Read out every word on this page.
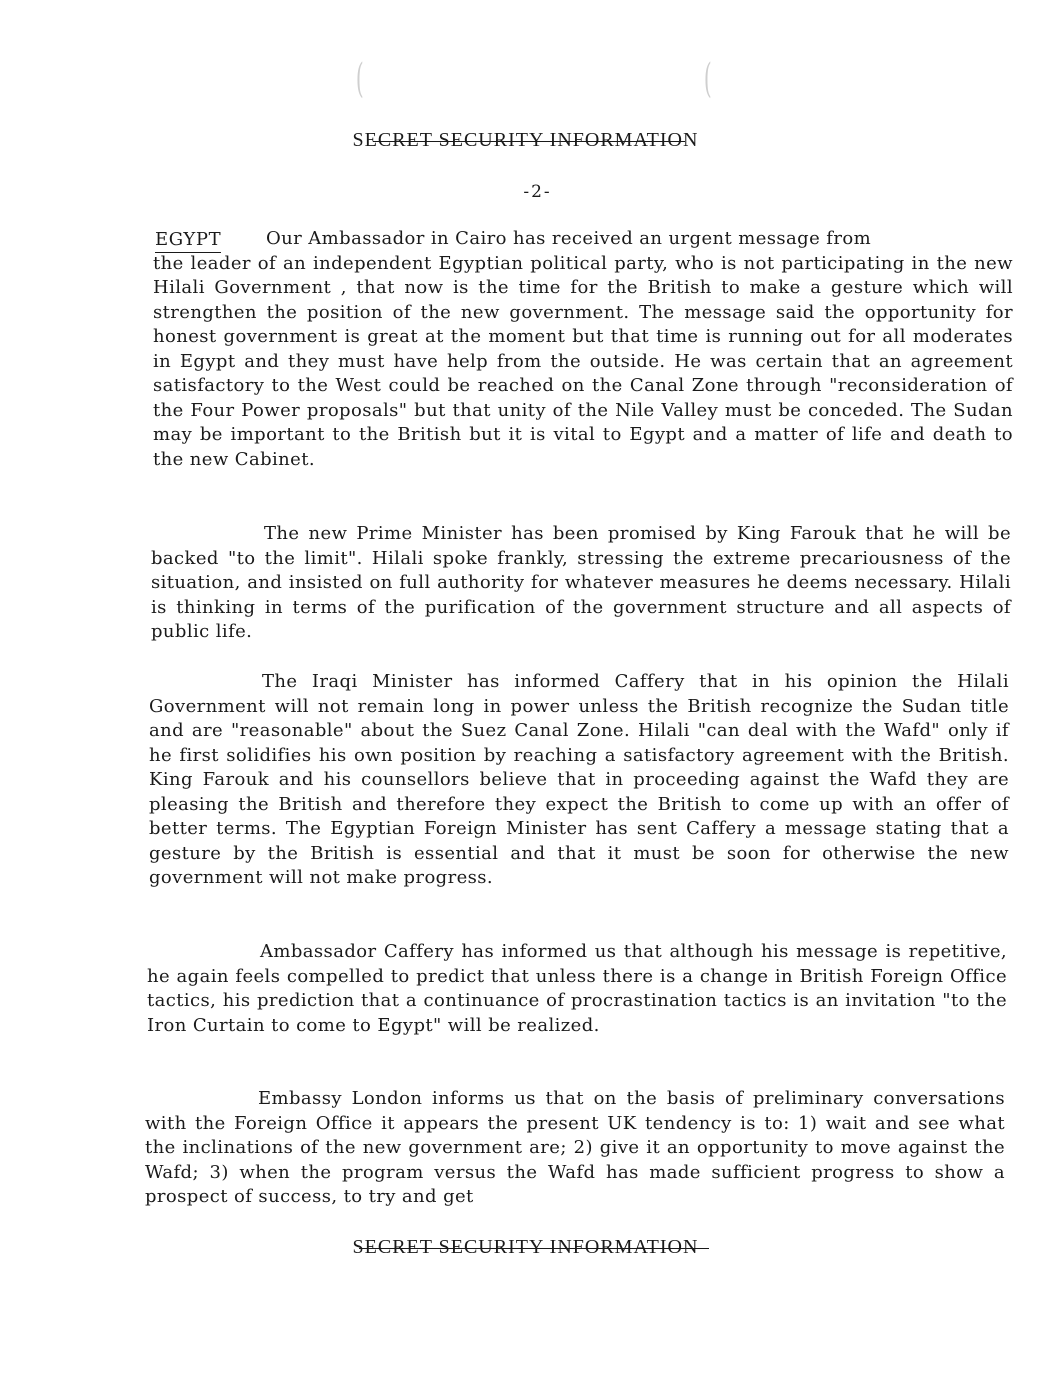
(	(
SECRET SECURITY INFORMATION
-2-
EGYPT	Our Ambassador in Cairo has received an urgent message from
the leader of an independent Egyptian political party, who is not participating in the new Hilali Government , that now is the time for the British to make a gesture which will strengthen the position of the new government. The message said the opportunity for honest government is great at the moment but that time is running out for all moderates in Egypt and they must have help from the outside. He was certain that an agreement satisfactory to the West could be reached on the Canal Zone through "reconsideration of the Four Power proposals" but that unity of the Nile Valley must be conceded. The Sudan may be important to the British but it is vital to Egypt and a matter of life and death to the new Cabinet.

The new Prime Minister has been promised by King Farouk that he will be backed "to the limit". Hilali spoke frankly, stressing the extreme precariousness of the situation, and insisted on full authority for whatever measures he deems necessary. Hilali is thinking in terms of the purification of the government structure and all aspects of public life.

The Iraqi Minister has informed Caffery that in his opinion the Hilali Government will not remain long in power unless the British recognize the Sudan title and are "reasonable" about the Suez Canal Zone. Hilali "can deal with the Wafd" only if he first solidifies his own position by reaching a satisfactory agreement with the British. King Farouk and his counsellors believe that in proceeding against the Wafd they are pleasing the British and therefore they expect the British to come up with an offer of better terms. The Egyptian Foreign Minister has sent Caffery a message stating that a gesture by the British is essential and that it must be soon for otherwise the new government will not make progress.

Ambassador Caffery has informed us that although his message is repetitive, he again feels compelled to predict that unless there is a change in British Foreign Office tactics, his prediction that a continuance of procrastination tactics is an invitation "to the Iron Curtain to come to Egypt" will be realized.

Embassy London informs us that on the basis of preliminary conversations with the Foreign Office it appears the present UK tendency is to: 1) wait and see what the inclinations of the new government are; 2) give it an opportunity to move against the Wafd; 3) when the program versus the Wafd has made sufficient progress to show a prospect of success, to try and get

SECRET SECURITY INFORMATION
